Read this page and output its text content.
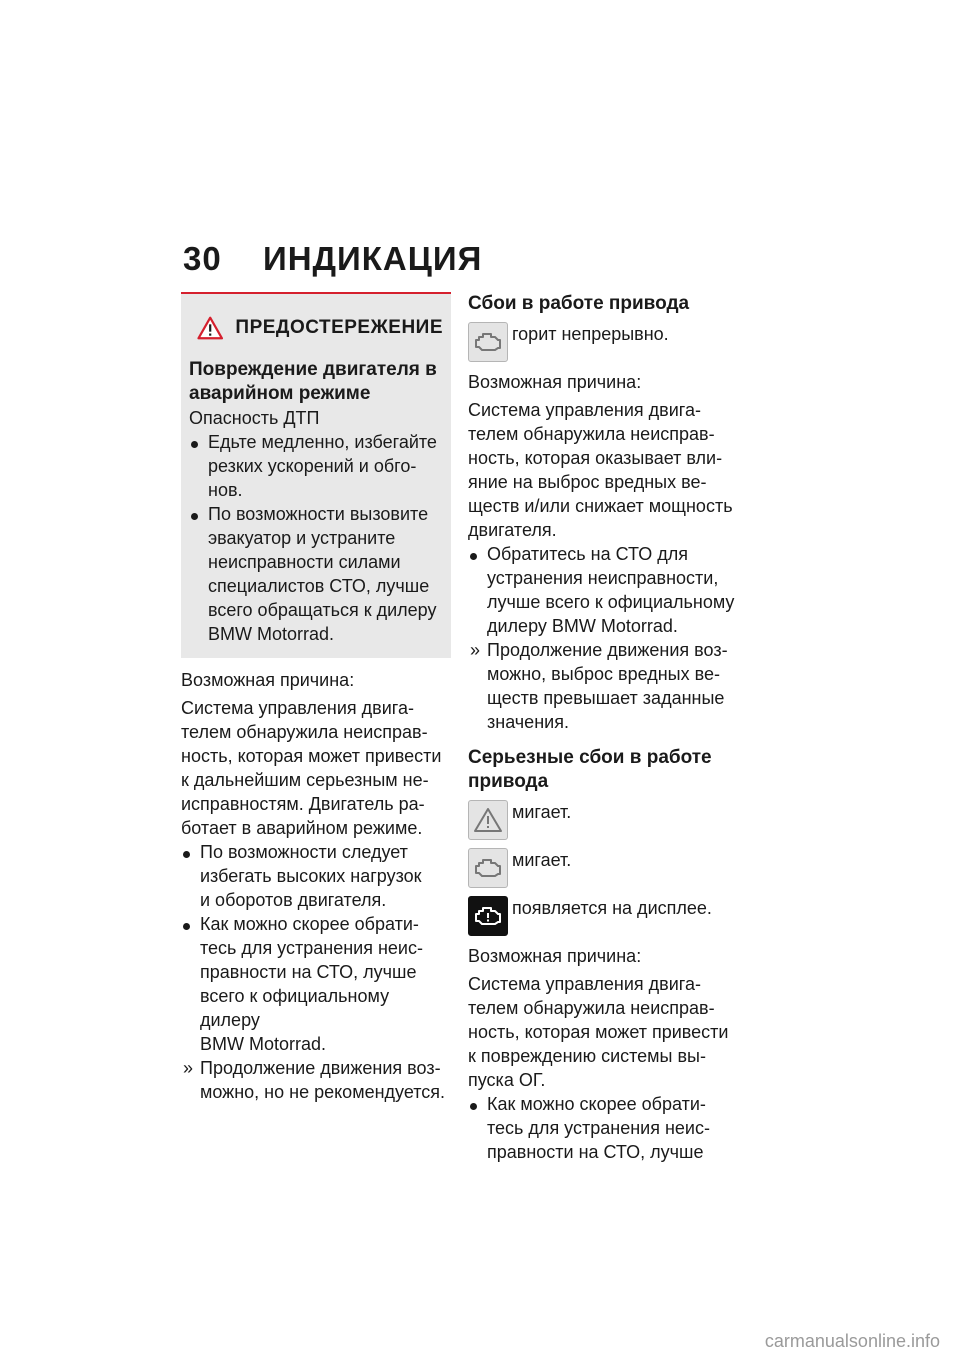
30 ИНДИКАЦИЯ
ПРЕДОСТЕРЕЖЕНИЕ
Повреждение двигателя в
аварийном режиме
Опасность ДТП
Едьте медленно, избегайте
резких ускорений и обго-
нов.
По возможности вызовите
эвакуатор и устраните
неисправности силами
специалистов СТО, лучше
всего обращаться к дилеру
BMW Motorrad.

Возможная причина:

Система управления двига-

телем обнаружила неисправ-

ность, которая может привести

к дальнейшим серьезным не-

исправностям. Двигатель ра-

ботает в аварийном режиме.

По возможности следует
избегать высоких нагрузок
и оборотов двигателя.
Как можно скорее обрати-
тесь для устранения неис-
правности на СТО, лучше
всего к официальному дилеру
BMW Motorrad.
» Продолжение движения воз-
можно, но не рекомендуется.
Сбои в работе привода
горит непрерывно.

Возможная причина:

Система управления двига-

телем обнаружила неисправ-

ность, которая оказывает вли-

яние на выброс вредных ве-

ществ и/или снижает мощность

двигателя.

Обратитесь на СТО для
устранения неисправности,
лучше всего к официальному
дилеру BMW Motorrad.
» Продолжение движения воз-
можно, выброс вредных ве-
ществ превышает заданные
значения.
Серьезные сбои в работе
привода
мигает.
мигает.
появляется на дисплее.

Возможная причина:

Система управления двига-

телем обнаружила неисправ-

ность, которая может привести

к повреждению системы вы-

пуска ОГ.

Как можно скорее обрати-
тесь для устранения неис-
правности на СТО, лучше
carmanualsonline.info
